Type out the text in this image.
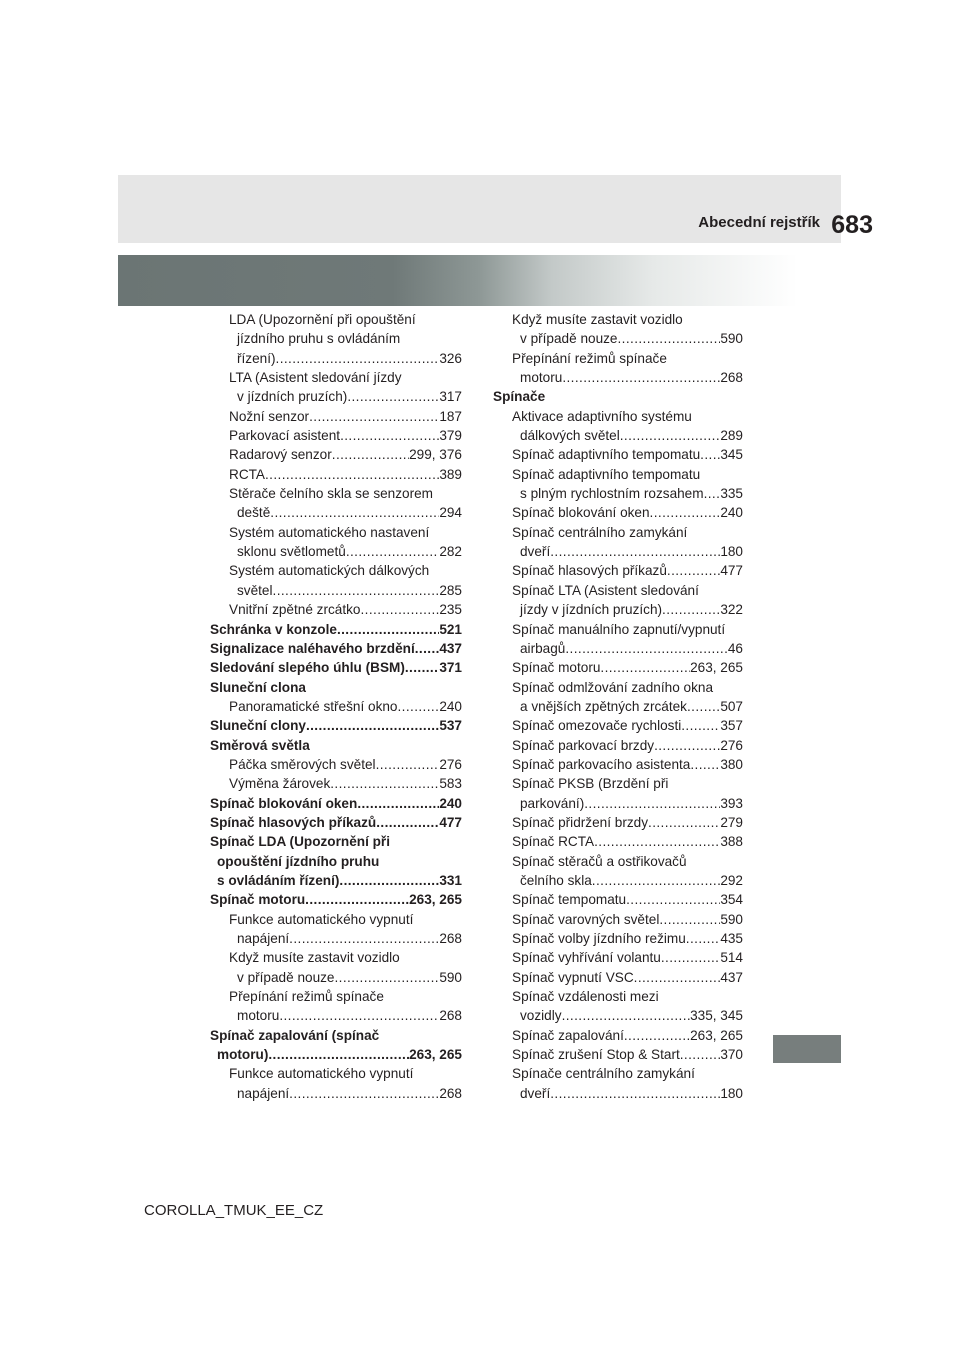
Abecední rejstřík 683
LDA (Upozornění při opouštění
jízdního pruhu s ovládáním
řízení) .....	326
LTA (Asistent sledování jízdy
v jízdních pruzích) .....	317
Nožní senzor .....	187
Parkovací asistent .....	379
Radarový senzor .....	299, 376
RCTA .....	389
Stěrače čelního skla se senzorem
deště .....	294
Systém automatického nastavení
sklonu světlometů .....	282
Systém automatických dálkových
světel .....	285
Vnitřní zpětné zrcátko .....	235
Schránka v konzole .....	521
Signalizace naléhavého brzdění ..... 437
Sledování slepého úhlu (BSM) .....	371
Sluneční clona
Panoramatické střešní okno .....	240
Sluneční clony .....	537
Směrová světla
Páčka směrových světel .....	276
Výměna žárovek .....	583
Spínač blokování oken .....	240
Spínač hlasových příkazů .....	477
Spínač LDA (Upozornění při
opouštění jízdního pruhu
s ovládáním řízení) .....	331
Spínač motoru .....	263, 265
Funkce automatického vypnutí
napájení .....	268
Když musíte zastavit vozidlo
v případě nouze .....	590
Přepínání režimů spínače
motoru .....	268
Spínač zapalování (spínač
motoru) .....	263, 265
Funkce automatického vypnutí
napájení .....	268
Když musíte zastavit vozidlo
v případě nouze .....	590
Přepínání režimů spínače
motoru .....	268
Spínače
Aktivace adaptivního systému
dálkových světel .....	289
Spínač adaptivního tempomatu ..... 345
Spínač adaptivního tempomatu
s plným rychlostním rozsahem ..... 335
Spínač blokování oken .....	240
Spínač centrálního zamykání
dveří .....	180
Spínač hlasových příkazů .....	477
Spínač LTA (Asistent sledování
jízdy v jízdních pruzích) .....	322
Spínač manuálního zapnutí/vypnutí
airbagů .....	46
Spínač motoru .....	263, 265
Spínač odmlžování zadního okna
a vnějších zpětných zrcátek ..... 507
Spínač omezovače rychlosti .....	357
Spínač parkovací brzdy .....	276
Spínač parkovacího asistenta ..... 380
Spínač PKSB (Brzdění při
parkování) .....	393
Spínač přidržení brzdy .....	279
Spínač RCTA .....	388
Spínač stěračů a ostřikovačů
čelního skla .....	292
Spínač tempomatu .....	354
Spínač varovných světel .....	590
Spínač volby jízdního režimu .....	435
Spínač vyhřívání volantu .....	514
Spínač vypnutí VSC .....	437
Spínač vzdálenosti mezi
vozidly .....	335, 345
Spínač zapalování .....	263, 265
Spínač zrušení Stop & Start .....	370
Spínače centrálního zamykání
dveří .....	180
COROLLA_TMUK_EE_CZ
